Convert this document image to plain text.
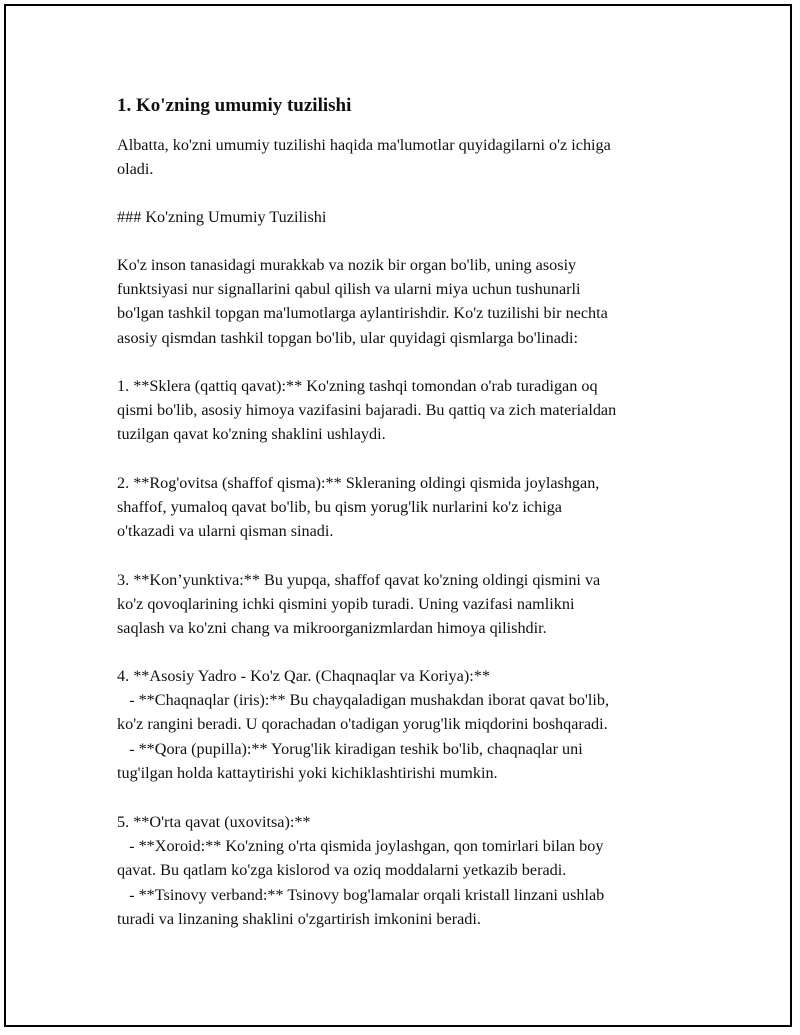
1. Ko'zning umumiy tuzilishi

Albatta, ko'zni umumiy tuzilishi haqida ma'lumotlar quyidagilarni o'z ichiga
oladi.

### Ko'zning Umumiy Tuzilishi

Ko'z inson tanasidagi murakkab va nozik bir organ bo'lib, uning asosiy
funktsiyasi nur signallarini qabul qilish va ularni miya uchun tushunarli
bo'lgan tashkil topgan ma'lumotlarga aylantirishdir. Ko'z tuzilishi bir nechta
asosiy qismdan tashkil topgan bo'lib, ular quyidagi qismlarga bo'linadi:

1. **Sklera (qattiq qavat):** Ko'zning tashqi tomondan o'rab turadigan oq
qismi bo'lib, asosiy himoya vazifasini bajaradi. Bu qattiq va zich materialdan
tuzilgan qavat ko'zning shaklini ushlaydi.

2. **Rog'ovitsa (shaffof qisma):** Skleraning oldingi qismida joylashgan,
shaffof, yumaloq qavat bo'lib, bu qism yorug'lik nurlarini ko'z ichiga
o'tkazadi va ularni qisman sinadi.

3. **Kon’yunktiva:** Bu yupqa, shaffof qavat ko'zning oldingi qismini va
ko'z qovoqlarining ichki qismini yopib turadi. Uning vazifasi namlikni
saqlash va ko'zni chang va mikroorganizmlardan himoya qilishdir.

4. **Asosiy Yadro - Ko'z Qar. (Chaqnaqlar va Koriya):**
- **Chaqnaqlar (iris):** Bu chayqaladigan mushakdan iborat qavat bo'lib,
ko'z rangini beradi. U qorachadan o'tadigan yorug'lik miqdorini boshqaradi.
- **Qora (pupilla):** Yorug'lik kiradigan teshik bo'lib, chaqnaqlar uni
tug'ilgan holda kattaytirishi yoki kichiklashtirishi mumkin.

5. **O'rta qavat (uxovitsa):**
- **Xoroid:** Ko'zning o'rta qismida joylashgan, qon tomirlari bilan boy
qavat. Bu qatlam ko'zga kislorod va oziq moddalarni yetkazib beradi.
- **Tsinovy verband:** Tsinovy bog'lamalar orqali kristall linzani ushlab
turadi va linzaning shaklini o'zgartirish imkonini beradi.
